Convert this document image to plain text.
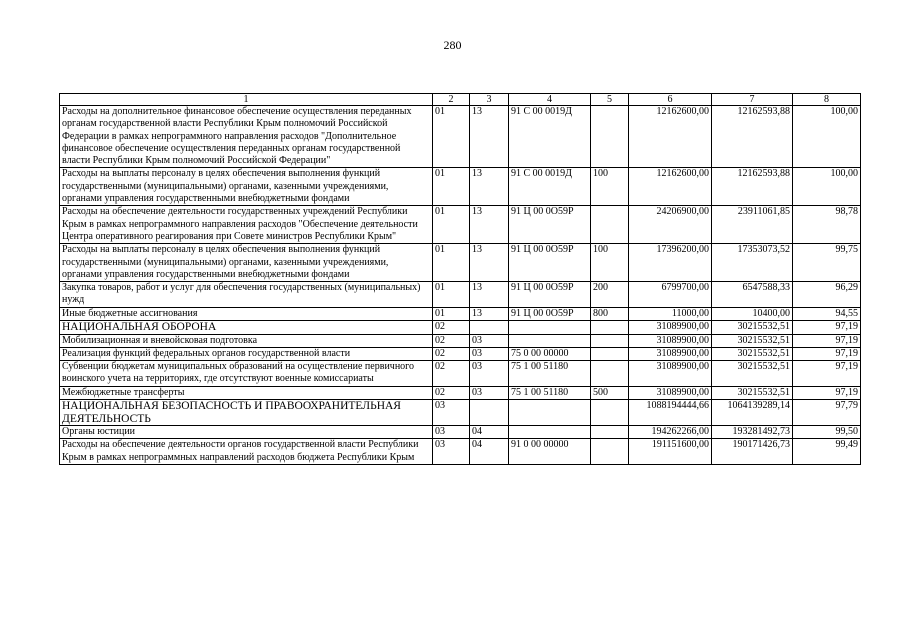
280
1	2	3	4	5	6	7	8
Расходы на дополнительное финансовое обеспечение осуществления переданных органам государственной власти Республики Крым полномочий Российской Федерации в рамках непрограммного направления расходов "Дополнительное финансовое обеспечение осуществления переданных органам государственной власти Республики Крым полномочий Российской Федерации"	01	13	91 С 00 0019Д		12162600,00	12162593,88	100,00
Расходы на выплаты персоналу в целях обеспечения выполнения функций государственными (муниципальными) органами, казенными учреждениями, органами управления государственными внебюджетными фондами	01	13	91 С 00 0019Д	100	12162600,00	12162593,88	100,00
Расходы на обеспечение деятельности государственных учреждений Республики Крым в рамках непрограммного направления расходов "Обеспечение деятельности Центра оперативного реагирования при Совете министров Республики Крым"	01	13	91 Ц 00 0О59Р		24206900,00	23911061,85	98,78
Расходы на выплаты персоналу в целях обеспечения выполнения функций государственными (муниципальными) органами, казенными учреждениями, органами управления государственными внебюджетными фондами	01	13	91 Ц 00 0О59Р	100	17396200,00	17353073,52	99,75
Закупка товаров, работ и услуг для обеспечения государственных (муниципальных) нужд	01	13	91 Ц 00 0О59Р	200	6799700,00	6547588,33	96,29
Иные бюджетные ассигнования	01	13	91 Ц 00 0О59Р	800	11000,00	10400,00	94,55
НАЦИОНАЛЬНАЯ ОБОРОНА	02				31089900,00	30215532,51	97,19
Мобилизационная и вневойсковая подготовка	02	03			31089900,00	30215532,51	97,19
Реализация функций федеральных органов государственной власти	02	03	75 0 00 00000		31089900,00	30215532,51	97,19
Субвенции бюджетам муниципальных образований на осуществление первичного воинского учета на территориях, где отсутствуют военные комиссариаты	02	03	75 1 00 51180		31089900,00	30215532,51	97,19
Межбюджетные трансферты	02	03	75 1 00 51180	500	31089900,00	30215532,51	97,19
НАЦИОНАЛЬНАЯ БЕЗОПАСНОСТЬ И ПРАВООХРАНИТЕЛЬНАЯ ДЕЯТЕЛЬНОСТЬ	03				1088194444,66	1064139289,14	97,79
Органы юстиции	03	04			194262266,00	193281492,73	99,50
Расходы на обеспечение деятельности органов государственной власти Республики Крым в рамках непрограммных направлений расходов бюджета Республики Крым	03	04	91 0 00 00000		191151600,00	190171426,73	99,49
